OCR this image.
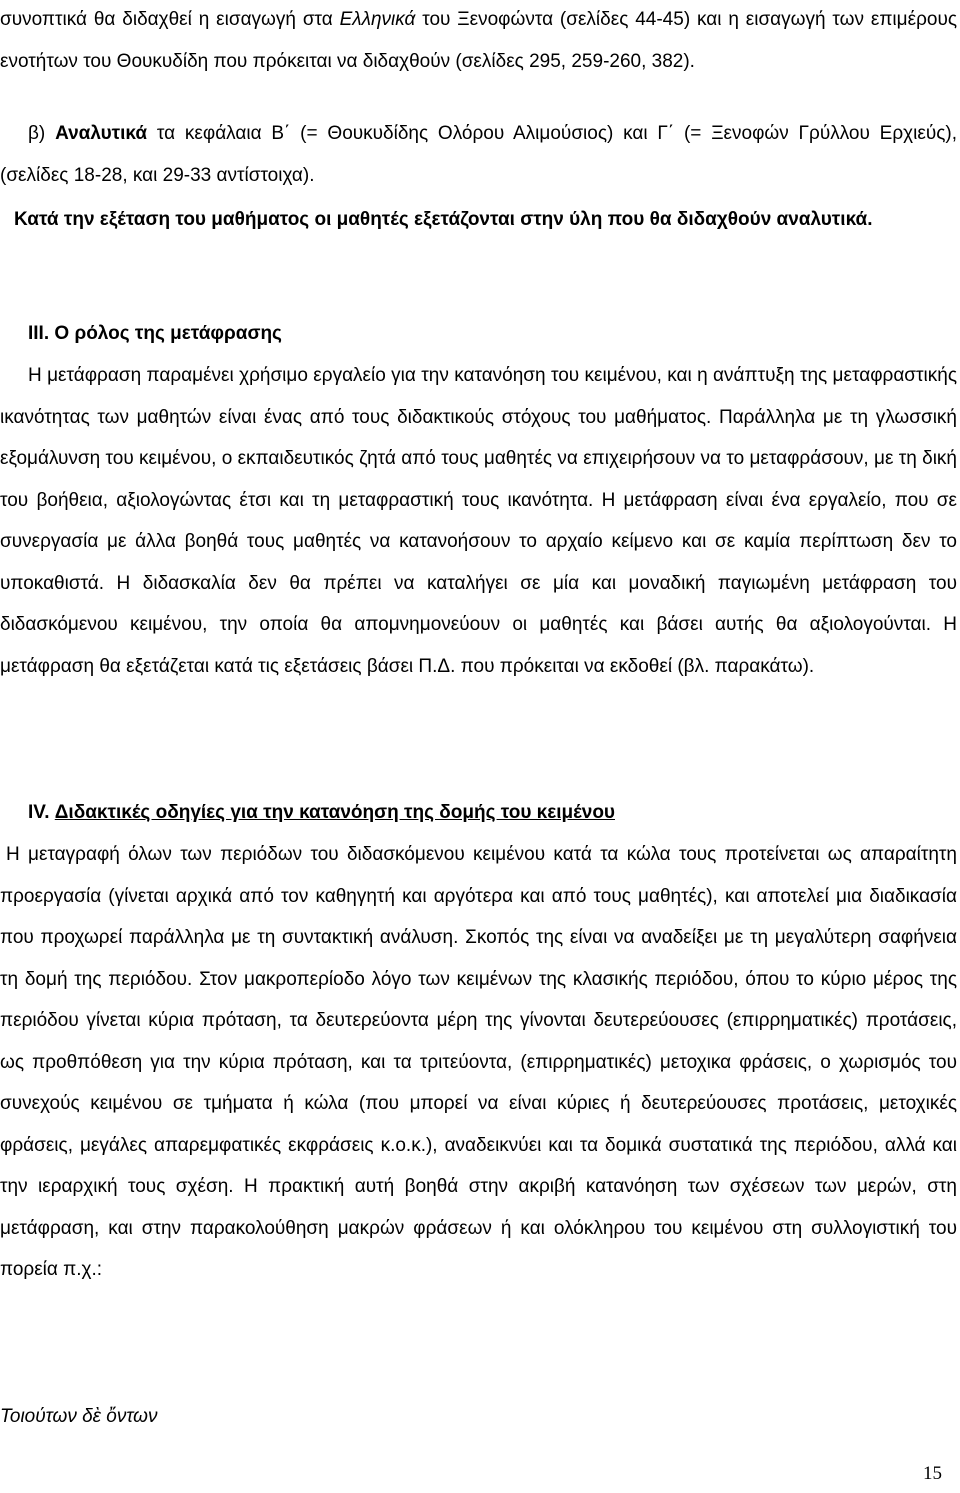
συνοπτικά θα διδαχθεί η εισαγωγή στα Ελληνικά του Ξενοφώντα (σελίδες 44-45) και η εισαγωγή των επιμέρους ενοτήτων του Θουκυδίδη που πρόκειται να διδαχθούν (σελίδες 295, 259-260, 382).

β) Αναλυτικά τα κεφάλαια Β΄ (= Θουκυδίδης Ολόρου Αλιμούσιος) και Γ΄ (= Ξενοφών Γρύλλου Ερχιεύς), (σελίδες 18-28, και 29-33 αντίστοιχα).

Κατά την εξέταση του μαθήματος οι μαθητές εξετάζονται στην ύλη που θα διδαχθούν αναλυτικά.

ΙΙΙ. Ο ρόλος της μετάφρασης

Η μετάφραση παραμένει χρήσιμο εργαλείο για την κατανόηση του κειμένου, και η ανάπτυξη της μεταφραστικής ικανότητας των μαθητών είναι ένας από τους διδακτικούς στόχους του μαθήματος. Παράλληλα με τη γλωσσική εξομάλυνση του κειμένου, ο εκπαιδευτικός ζητά από τους μαθητές να επιχειρήσουν να το μεταφράσουν, με τη δική του βοήθεια, αξιολογώντας έτσι και τη μεταφραστική τους ικανότητα. Η μετάφραση είναι ένα εργαλείο, που σε συνεργασία με άλλα βοηθά τους μαθητές να κατανοήσουν το αρχαίο κείμενο και σε καμία περίπτωση δεν το υποκαθιστά. Η διδασκαλία δεν θα πρέπει να καταλήγει σε μία και μοναδική παγιωμένη μετάφραση του διδασκόμενου κειμένου, την οποία θα απομνημονεύουν οι μαθητές και βάσει αυτής θα αξιολογούνται. Η μετάφραση θα εξετάζεται κατά τις εξετάσεις βάσει Π.Δ. που πρόκειται να εκδοθεί (βλ. παρακάτω).

IV. Διδακτικές οδηγίες για την κατανόηση της δομής του κειμένου

Η μεταγραφή όλων των περιόδων του διδασκόμενου κειμένου κατά τα κώλα τους προτείνεται ως απαραίτητη προεργασία (γίνεται αρχικά από τον καθηγητή και αργότερα και από τους μαθητές), και αποτελεί μια διαδικασία που προχωρεί παράλληλα με τη συντακτική ανάλυση. Σκοπός της είναι να αναδείξει με τη μεγαλύτερη σαφήνεια τη δομή της περιόδου. Στον μακροπερίοδο λόγο των κειμένων της κλασικής περιόδου, όπου το κύριο μέρος της περιόδου γίνεται κύρια πρόταση, τα δευτερεύοντα μέρη της γίνονται δευτερεύουσες (επιρρηματικές) προτάσεις, ως προθπόθεση για την κύρια πρόταση, και τα τριτεύοντα, (επιρρηματικές) μετοχικα φράσεις, ο χωρισμός του συνεχούς κειμένου σε τμήματα ή κώλα (που μπορεί να είναι κύριες ή δευτερεύουσες προτάσεις, μετοχικές φράσεις, μεγάλες απαρεμφατικές εκφράσεις κ.ο.κ.), αναδεικνύει και τα δομικά συστατικά της περιόδου, αλλά και την ιεραρχική τους σχέση. Η πρακτική αυτή βοηθά στην ακριβή κατανόηση των σχέσεων των μερών, στη μετάφραση, και στην παρακολούθηση μακρών φράσεων ή και ολόκληρου του κειμένου στη συλλογιστική του πορεία π.χ.:

Τοιούτων δὲ ὄντων
15
